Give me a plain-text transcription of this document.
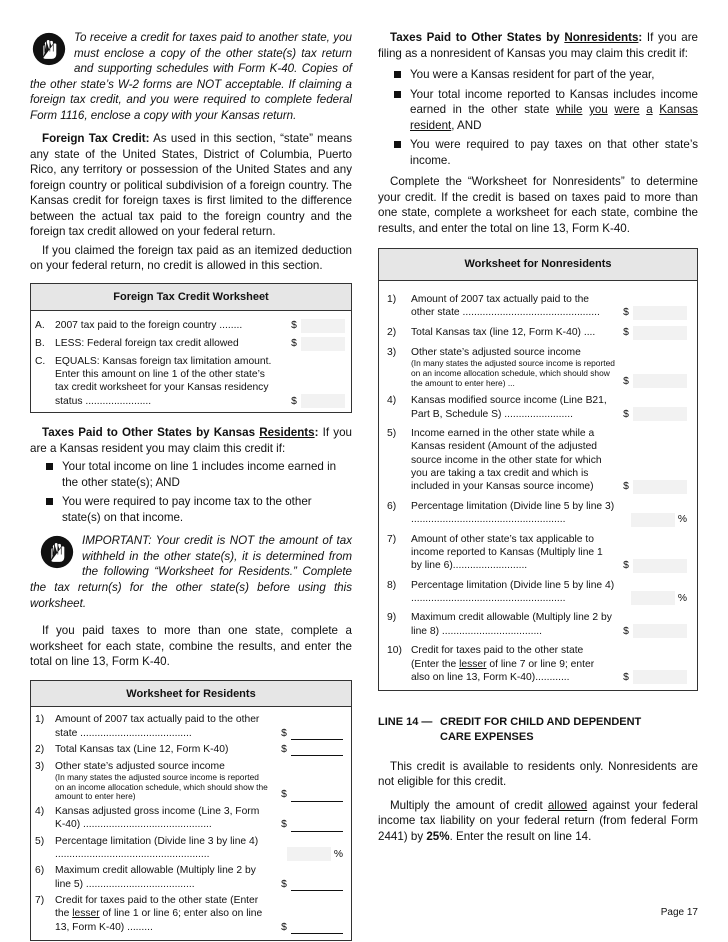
To receive a credit for taxes paid to another state, you must enclose a copy of the other state(s) tax return and supporting schedules with Form K-40. Copies of the other state’s W-2 forms are NOT acceptable. If claiming a foreign tax credit, and you were required to complete federal Form 1116, enclose a copy with your Kansas return.

Foreign Tax Credit: As used in this section, “state” means any state of the United States, District of Columbia, Puerto Rico, any territory or possession of the United States and any foreign country or political subdivision of a foreign country. The Kansas credit for foreign taxes is first limited to the difference between the actual tax paid to the foreign country and the foreign tax credit allowed on your federal return.

If you claimed the foreign tax paid as an itemized deduction on your federal return, no credit is allowed in this section.

Foreign Tax Credit Worksheet
A. 2007 tax paid to the foreign country ........	$
B. LESS: Federal foreign tax credit allowed	$
C. EQUALS: Kansas foreign tax limitation amount. Enter this amount on line 1 of the other state’s tax credit worksheet for your Kansas residency status .......................	$

Taxes Paid to Other States by Kansas Residents: If you are a Kansas resident you may claim this credit if:

Your total income on line 1 includes income earned in the other state(s); AND
You were required to pay income tax to the other state(s) on that income.
IMPORTANT: Your credit is NOT the amount of tax withheld in the other state(s), it is determined from the following “Worksheet for Residents.” Complete the tax return(s) for the other state(s) before using this worksheet.

If you paid taxes to more than one state, complete a worksheet for each state, combine the results, and enter the total on line 13, Form K-40.

Worksheet for Residents
1)	Amount of 2007 tax actually paid to the other state .......................................	$
2)	Total Kansas tax (Line 12, Form K-40)	$
3)	Other state’s adjusted source income
(In many states the adjusted source income is reported on an income allocation schedule, which should show the amount to enter here)	$
4)	Kansas adjusted gross income (Line 3, Form K-40) .............................................	$
5)	Percentage limitation (Divide line 3 by line 4) ......................................................	%
6)	Maximum credit allowable (Multiply line 2 by line 5) ......................................	$
7)	Credit for taxes paid to the other state (Enter the lesser of line 1 or line 6; enter also on line 13, Form K-40) .........	$

Taxes Paid to Other States by Nonresidents: If you are filing as a nonresident of Kansas you may claim this credit if:

You were a Kansas resident for part of the year,
Your total income reported to Kansas includes income earned in the other state while you were a Kansas resident, AND
You were required to pay taxes on that other state’s income.

Complete the “Worksheet for Nonresidents” to determine your credit. If the credit is based on taxes paid to more than one state, complete a worksheet for each state, combine the results, and enter the total on line 13, Form K-40.

Worksheet for Nonresidents
1)	Amount of 2007 tax actually paid to the other state ................................................	$
2)	Total Kansas tax (line 12, Form K-40) ....	$
3)	Other state’s adjusted source income
(In many states the adjusted source income is reported on an income allocation schedule, which should show the amount to enter here) ...	$
4)	Kansas modified source income (Line B21, Part B, Schedule S) ........................	$
5)	Income earned in the other state while a Kansas resident (Amount of the adjusted source income in the other state for which you are taking a tax credit and which is included in your Kansas source income)	$
6)	Percentage limitation (Divide line 5 by line 3) ......................................................	%
7)	Amount of other state’s tax applicable to income reported to Kansas (Multiply line 1 by line 6)..........................	$
8)	Percentage limitation (Divide line 5 by line 4) ......................................................	%
9)	Maximum credit allowable (Multiply line 2 by line 8) ...................................	$
10) Credit for taxes paid to the other state (Enter the lesser of line 7 or line 9; enter also on line 13, Form K-40)............	$
LINE 14 — CREDIT FOR CHILD AND DEPENDENT CARE EXPENSES

This credit is available to residents only. Nonresidents are not eligible for this credit.

Multiply the amount of credit allowed against your federal income tax liability on your federal return (from federal Form 2441) by 25%. Enter the result on line 14.

Page 17
